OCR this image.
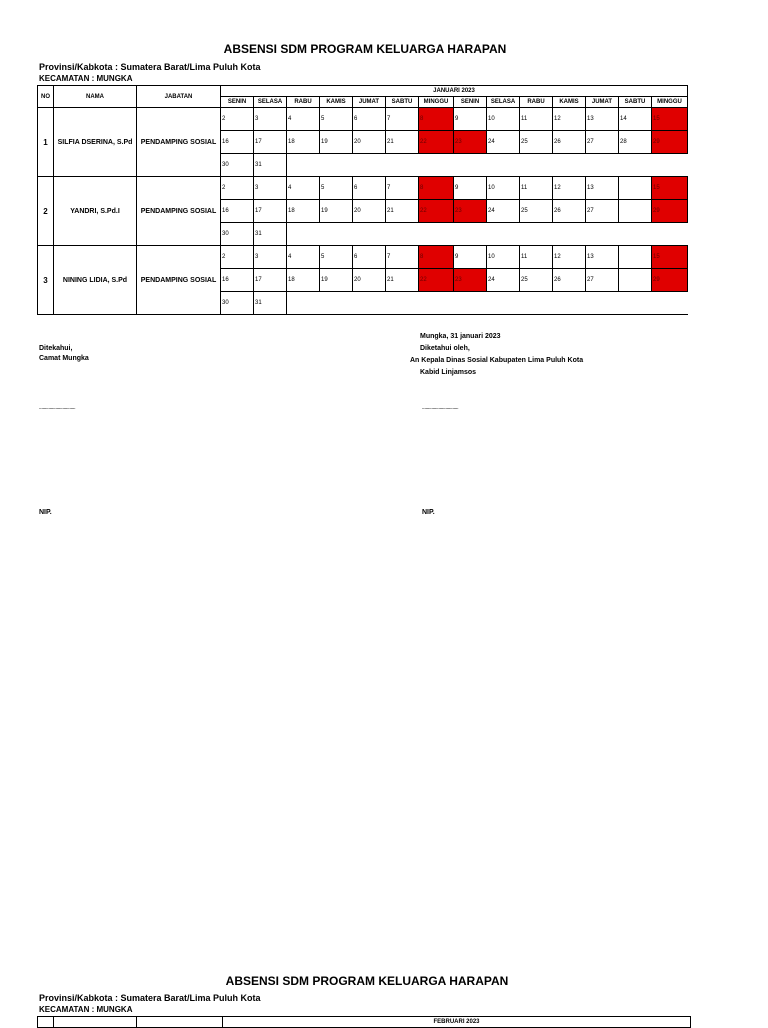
ABSENSI SDM PROGRAM KELUARGA HARAPAN
Provinsi/Kabkota : Sumatera Barat/Lima Puluh Kota
KECAMATAN : MUNGKA
NO	NAMA	JABATAN	JANUARI 2023													
			SENIN	SELASA	RABU	KAMIS	JUMAT	SABTU	MINGGU	SENIN	SELASA	RABU	KAMIS	JUMAT	SABTU	MINGGU
1	SILFIA DSERINA, S.Pd	PENDAMPING SOSIAL	2	3	4	5	6	7	8	9	10	11	12	13	14	15
			16	17	18	19	20	21	22	23	24	25	26	27	28	29
			30	31												
2	YANDRI, S.Pd.I	PENDAMPING SOSIAL	2	3	4	5	6	7	8	9	10	11	12	13		15
			16	17	18	19	20	21	22	23	24	25	26	27		29
			30	31												
3	NINING LIDIA, S.Pd	PENDAMPING SOSIAL	2	3	4	5	6	7	8	9	10	11	12	13		15
			16	17	18	19	20	21	22	23	24	25	26	27		29
			30	31												
Ditekahui,
Camat Mungka
...............................
NIP.
Mungka, 31 januari 2023
Diketahui oleh,
An Kepala Dinas Sosial Kabupaten Lima Puluh Kota
Kabid Linjamsos
...............................
NIP.
ABSENSI SDM PROGRAM KELUARGA HARAPAN
Provinsi/Kabkota : Sumatera Barat/Lima Puluh Kota
KECAMATAN : MUNGKA
			FEBRUARI 2023
